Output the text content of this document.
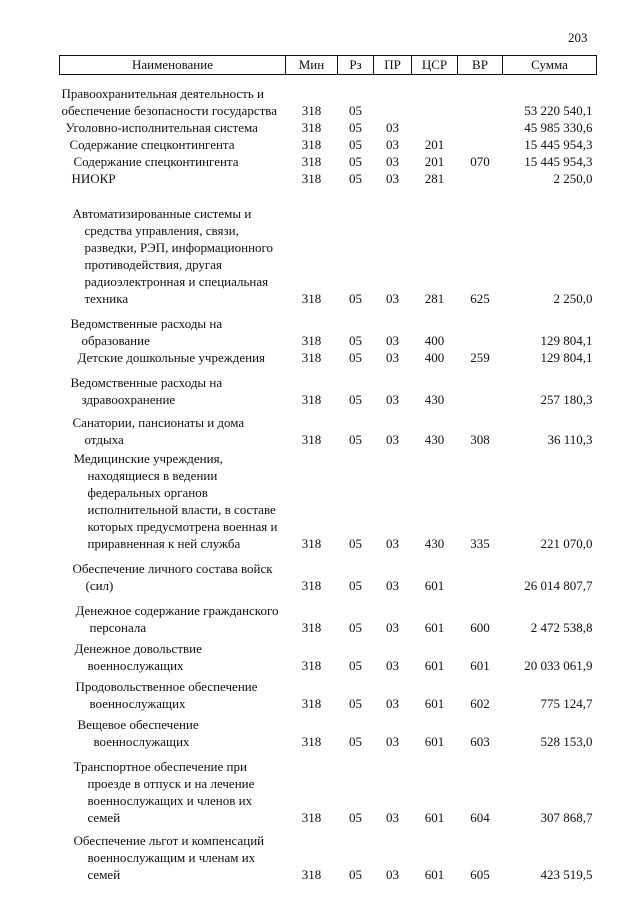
203
Наименование	Мин	Рз	ПР	ЦСР	ВР	Сумма
Правоохранительная деятельность и обеспечение безопасности государства	318	05				53 220 540,1
Уголовно-исполнительная система	318	05	03			45 985 330,6
Содержание спецконтингента	318	05	03	201		15 445 954,3
Содержание спецконтингента	318	05	03	201	070	15 445 954,3
НИОКР	318	05	03	281		2 250,0
Автоматизированные системы и средства управления, связи, разведки, РЭП, информационного противодействия, другая радиоэлектронная и специальная техника	318	05	03	281	625	2 250,0
Ведомственные расходы на образование	318	05	03	400		129 804,1
Детские дошкольные учреждения	318	05	03	400	259	129 804,1
Ведомственные расходы на здравоохранение	318	05	03	430		257 180,3
Санатории, пансионаты и дома отдыха	318	05	03	430	308	36 110,3
Медицинские учреждения, находящиеся в ведении федеральных органов исполнительной власти, в составе которых предусмотрена военная и приравненная к ней служба	318	05	03	430	335	221 070,0
Обеспечение личного состава войск (сил)	318	05	03	601		26 014 807,7
Денежное содержание гражданского персонала	318	05	03	601	600	2 472 538,8
Денежное довольствие военнослужащих	318	05	03	601	601	20 033 061,9
Продовольственное обеспечение военнослужащих	318	05	03	601	602	775 124,7
Вещевое обеспечение военнослужащих	318	05	03	601	603	528 153,0
Транспортное обеспечение при проезде в отпуск и на лечение военнослужащих и членов их семей	318	05	03	601	604	307 868,7
Обеспечение льгот и компенсаций военнослужащим и членам их семей	318	05	03	601	605	423 519,5
